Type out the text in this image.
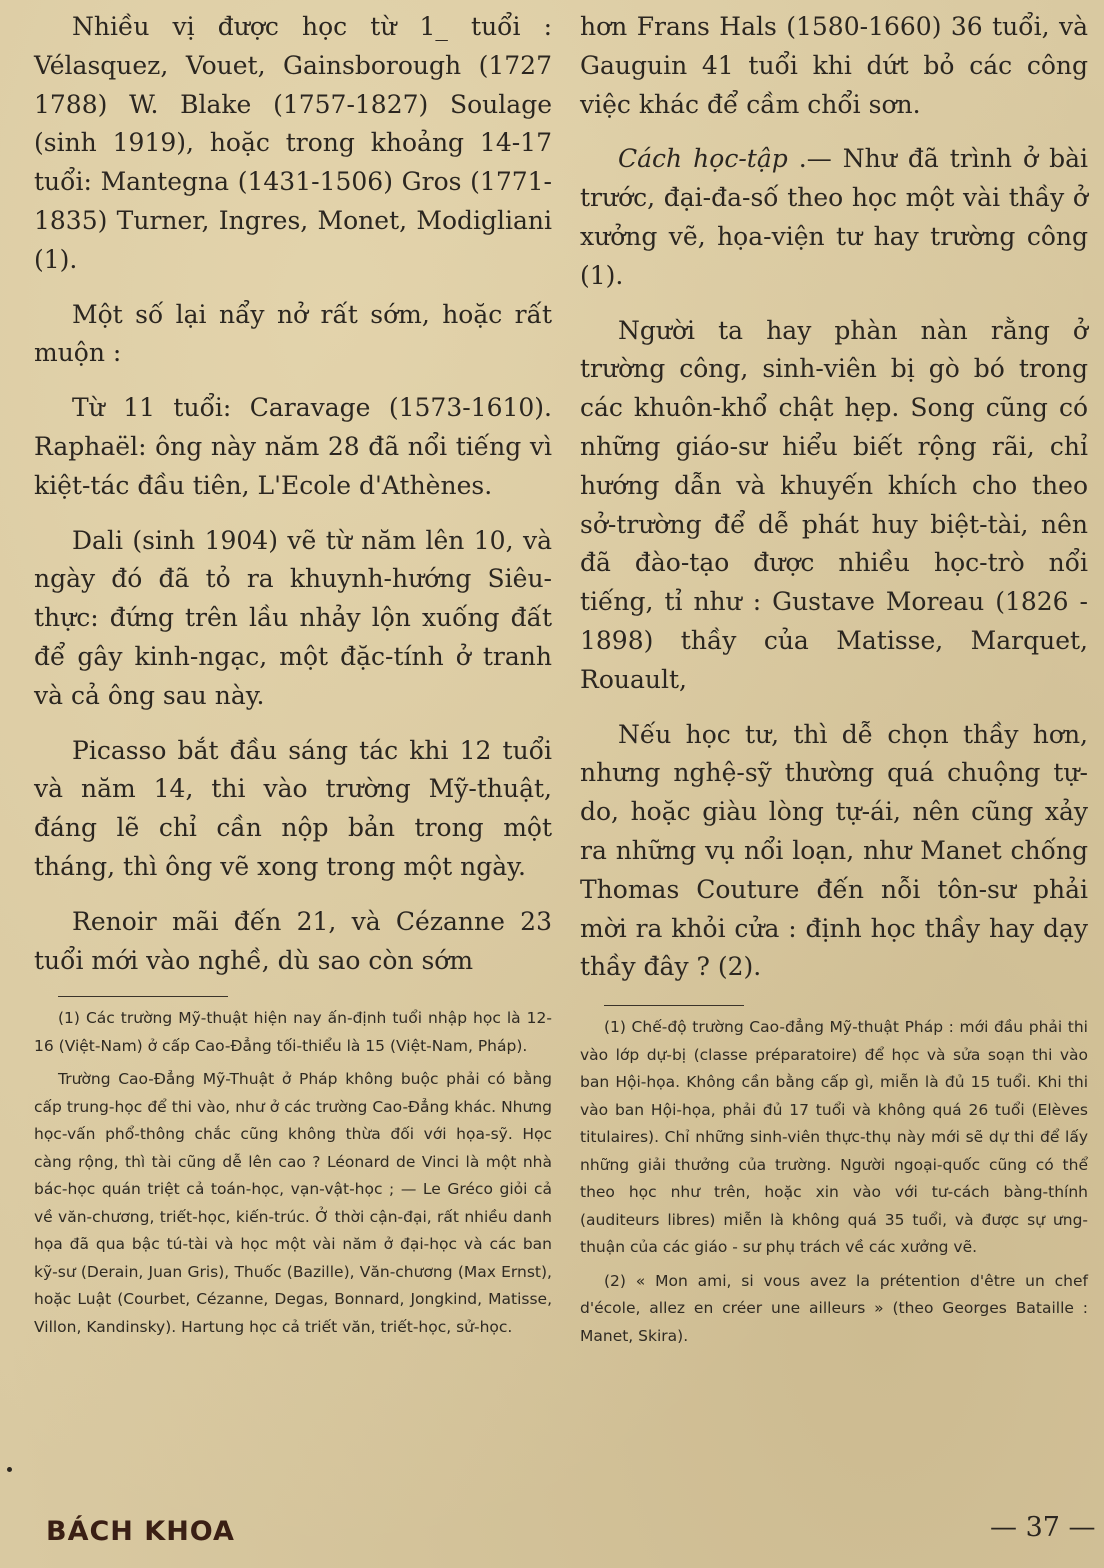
Nhiều vị được học từ 1_ tuổi : Vélasquez, Vouet, Gainsborough (1727 1788) W. Blake (1757-1827) Soulage (sinh 1919), hoặc trong khoảng 14-17 tuổi: Mantegna (1431-1506) Gros (1771-1835) Turner, Ingres, Monet, Modigliani (1).

Một số lại nẩy nở rất sớm, hoặc rất muộn :

Từ 11 tuổi: Caravage (1573-1610). Raphaël: ông này năm 28 đã nổi tiếng vì kiệt-tác đầu tiên, L'Ecole d'Athènes.

Dali (sinh 1904) vẽ từ năm lên 10, và ngày đó đã tỏ ra khuynh-hướng Siêu-thực: đứng trên lầu nhảy lộn xuống đất để gây kinh-ngạc, một đặc-tính ở tranh và cả ông sau này.

Picasso bắt đầu sáng tác khi 12 tuổi và năm 14, thi vào trường Mỹ-thuật, đáng lẽ chỉ cần nộp bản trong một tháng, thì ông vẽ xong trong một ngày.

Renoir mãi đến 21, và Cézanne 23 tuổi mới vào nghề, dù sao còn sớm

(1) Các trường Mỹ-thuật hiện nay ấn-định tuổi nhập học là 12-16 (Việt-Nam) ở cấp Cao-Đẳng tối-thiểu là 15 (Việt-Nam, Pháp).

Trường Cao-Đẳng Mỹ-Thuật ở Pháp không buộc phải có bằng cấp trung-học để thi vào, như ở các trường Cao-Đẳng khác. Nhưng học-vấn phổ-thông chắc cũng không thừa đối với họa-sỹ. Học càng rộng, thì tài cũng dễ lên cao ? Léonard de Vinci là một nhà bác-học quán triệt cả toán-học, vạn-vật-học ; — Le Gréco giỏi cả về văn-chương, triết-học, kiến-trúc. Ở thời cận-đại, rất nhiều danh họa đã qua bậc tú-tài và học một vài năm ở đại-học và các ban kỹ-sư (Derain, Juan Gris), Thuốc (Bazille), Văn-chương (Max Ernst), hoặc Luật (Courbet, Cézanne, Degas, Bonnard, Jongkind, Matisse, Villon, Kandinsky). Hartung học cả triết văn, triết-học, sử-học.

hơn Frans Hals (1580-1660) 36 tuổi, và Gauguin 41 tuổi khi dứt bỏ các công việc khác để cầm chổi sơn.

Cách học-tập .— Như đã trình ở bài trước, đại-đa-số theo học một vài thầy ở xưởng vẽ, họa-viện tư hay trường công (1).

Người ta hay phàn nàn rằng ở trường công, sinh-viên bị gò bó trong các khuôn-khổ chật hẹp. Song cũng có những giáo-sư hiểu biết rộng rãi, chỉ hướng dẫn và khuyến khích cho theo sở-trường để dễ phát huy biệt-tài, nên đã đào-tạo được nhiều học-trò nổi tiếng, tỉ như : Gustave Moreau (1826 - 1898) thầy của Matisse, Marquet, Rouault,

Nếu học tư, thì dễ chọn thầy hơn, nhưng nghệ-sỹ thường quá chuộng tự-do, hoặc giàu lòng tự-ái, nên cũng xảy ra những vụ nổi loạn, như Manet chống Thomas Couture đến nỗi tôn-sư phải mời ra khỏi cửa : định học thầy hay dạy thầy đây ? (2).

(1) Chế-độ trường Cao-đẳng Mỹ-thuật Pháp : mới đầu phải thi vào lớp dự-bị (classe préparatoire) để học và sửa soạn thi vào ban Hội-họa. Không cần bằng cấp gì, miễn là đủ 15 tuổi. Khi thi vào ban Hội-họa, phải đủ 17 tuổi và không quá 26 tuổi (Elèves titulaires). Chỉ những sinh-viên thực-thụ này mới sẽ dự thi để lấy những giải thưởng của trường. Người ngoại-quốc cũng có thể theo học như trên, hoặc xin vào với tư-cách bàng-thính (auditeurs libres) miễn là không quá 35 tuổi, và được sự ưng-thuận của các giáo - sư phụ trách về các xưởng vẽ.

(2) « Mon ami, si vous avez la prétention d'être un chef d'école, allez en créer une ailleurs » (theo Georges Bataille : Manet, Skira).

BÁCH KHOA	— 37 —
